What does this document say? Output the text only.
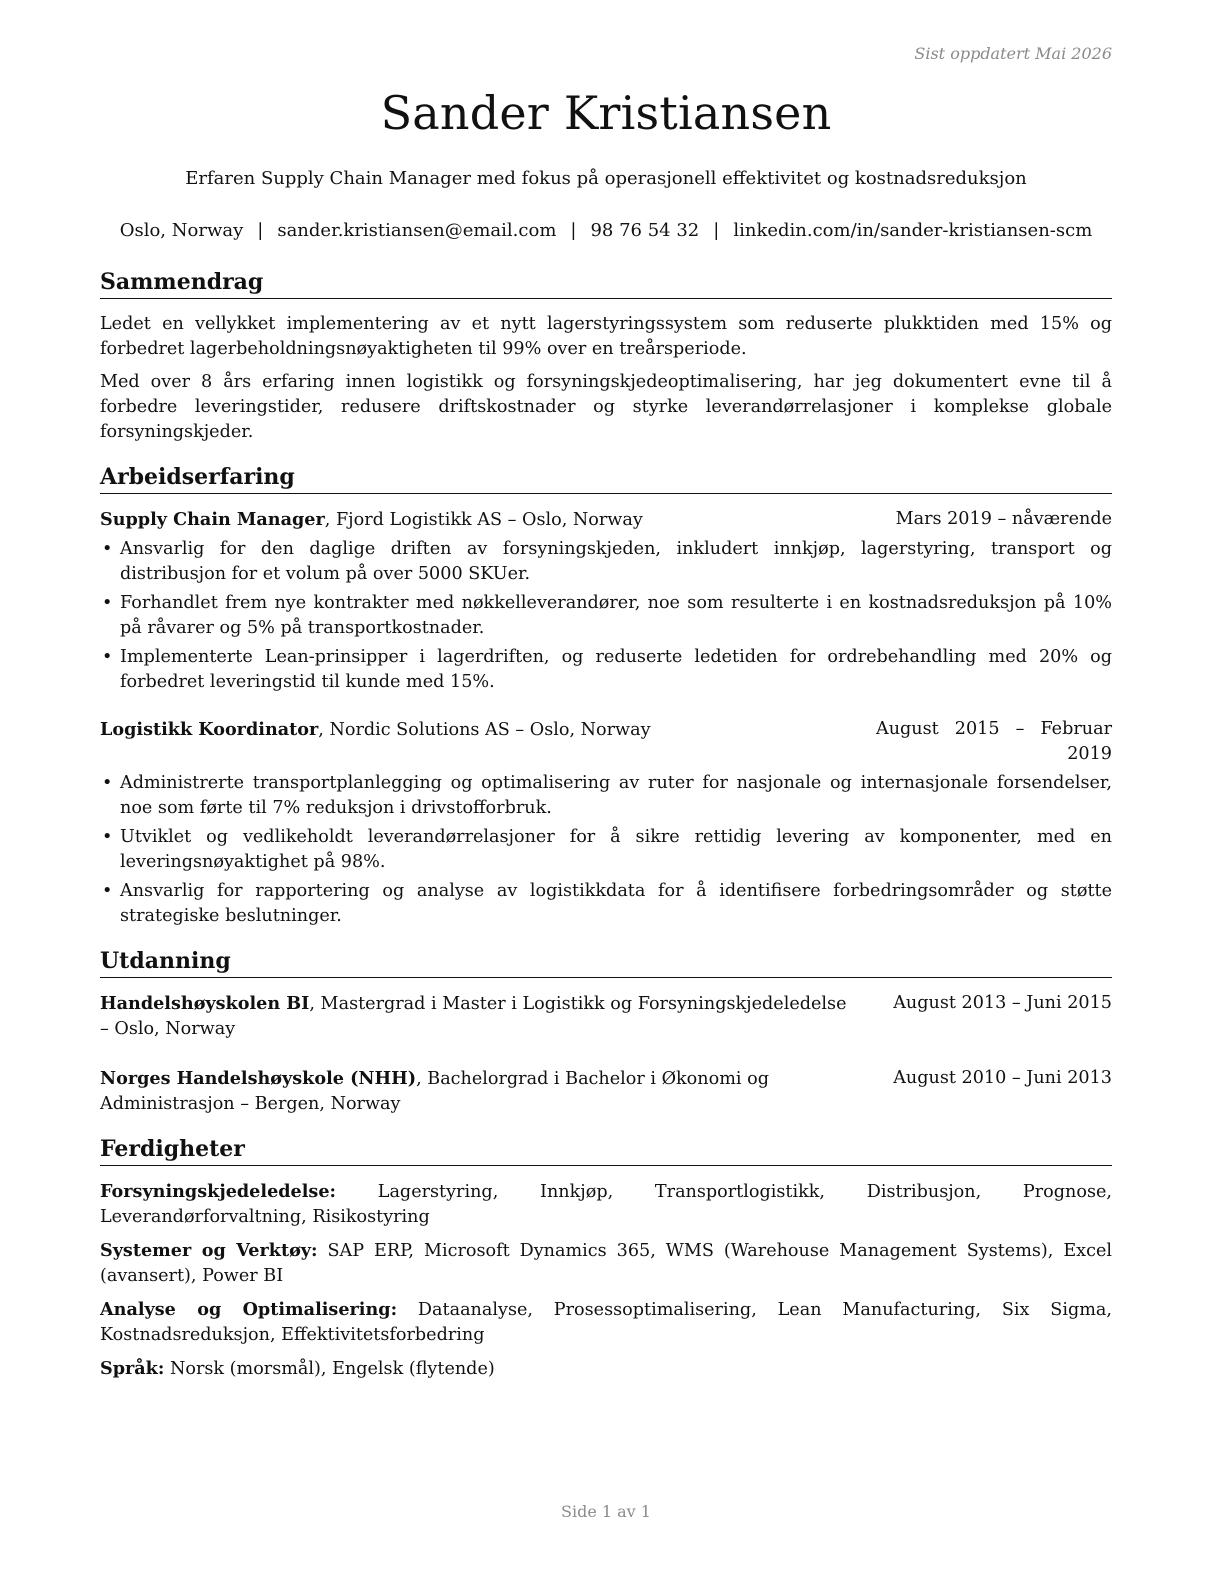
Sist oppdatert Mai 2026
Sander Kristiansen
Erfaren Supply Chain Manager med fokus på operasjonell effektivitet og kostnadsreduksjon
Oslo, Norway | sander.kristiansen@email.com | 98 76 54 32 | linkedin.com/in/sander-kristiansen-scm
Sammendrag

Ledet en vellykket implementering av et nytt lagerstyringssystem som reduserte plukktiden med 15% og forbedret lagerbeholdningsnøyaktigheten til 99% over en treårsperiode.

Med over 8 års erfaring innen logistikk og forsyningskjedeoptimalisering, har jeg dokumentert evne til å forbedre leveringstider, redusere driftskostnader og styrke leverandørrelasjoner i komplekse globale forsyningskjeder.

Arbeidserfaring
Supply Chain Manager, Fjord Logistikk AS – Oslo, Norway	Mars 2019 – nåværende
• Ansvarlig for den daglige driften av forsyningskjeden, inkludert innkjøp, lagerstyring, transport og distribusjon for et volum på over 5000 SKUer.
• Forhandlet frem nye kontrakter med nøkkelleverandører, noe som resulterte i en kostnadsreduksjon på 10% på råvarer og 5% på transportkostnader.
• Implementerte Lean-prinsipper i lagerdriften, og reduserte ledetiden for ordrebehandling med 20% og forbedret leveringstid til kunde med 15%.
Logistikk Koordinator, Nordic Solutions AS – Oslo, Norway	August 2015 – Februar 2019
• Administrerte transportplanlegging og optimalisering av ruter for nasjonale og internasjonale forsendelser, noe som førte til 7% reduksjon i drivstofforbruk.
• Utviklet og vedlikeholdt leverandørrelasjoner for å sikre rettidig levering av komponenter, med en leveringsnøyaktighet på 98%.
• Ansvarlig for rapportering og analyse av logistikkdata for å identifisere forbedringsområder og støtte strategiske beslutninger.
Utdanning
Handelshøyskolen BI, Mastergrad i Master i Logistikk og Forsyningskjedeledelse – Oslo, Norway
August 2013 – Juni 2015
Norges Handelshøyskole (NHH), Bachelorgrad i Bachelor i Økonomi og Administrasjon – Bergen, Norway
August 2010 – Juni 2013
Ferdigheter

Forsyningskjedeledelse: Lagerstyring, Innkjøp, Transportlogistikk, Distribusjon, Prognose, Leverandørforvaltning, Risikostyring

Systemer og Verktøy: SAP ERP, Microsoft Dynamics 365, WMS (Warehouse Management Systems), Excel (avansert), Power BI

Analyse og Optimalisering: Dataanalyse, Prosessoptimalisering, Lean Manufacturing, Six Sigma, Kostnadsreduksjon, Effektivitetsforbedring

Språk: Norsk (morsmål), Engelsk (flytende)

Side 1 av 1
